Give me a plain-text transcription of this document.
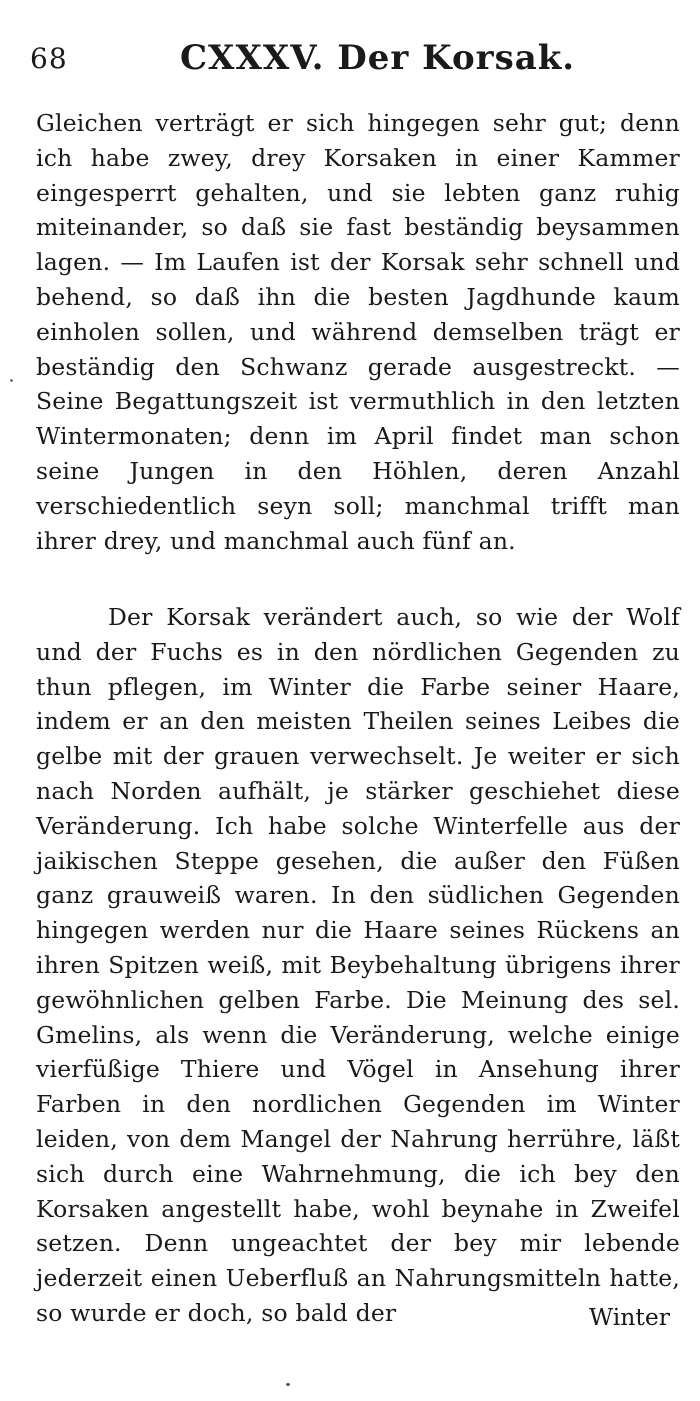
68	CXXXV. Der Korsak.

Gleichen verträgt er sich hingegen sehr gut; denn ich habe zwey, drey Korsaken in einer Kammer eingesperrt gehalten, und sie lebten ganz ruhig miteinander, so daß sie fast beständig beysammen lagen. — Im Laufen ist der Korsak sehr schnell und behend, so daß ihn die besten Jagdhunde kaum einholen sollen, und während demselben trägt er beständig den Schwanz gerade ausgestreckt. — Seine Begattungszeit ist vermuthlich in den letzten Wintermonaten; denn im April findet man schon seine Jungen in den Höhlen, deren Anzahl verschiedentlich seyn soll; manchmal trifft man ihrer drey, und manchmal auch fünf an.

Der Korsak verändert auch, so wie der Wolf und der Fuchs es in den nördlichen Gegenden zu thun pflegen, im Winter die Farbe seiner Haare, indem er an den meisten Theilen seines Leibes die gelbe mit der grauen verwechselt. Je weiter er sich nach Norden aufhält, je stärker geschiehet diese Veränderung. Ich habe solche Winterfelle aus der jaikischen Steppe gesehen, die außer den Füßen ganz grauweiß waren. In den südlichen Gegenden hingegen werden nur die Haare seines Rückens an ihren Spitzen weiß, mit Beybehaltung übrigens ihrer gewöhnlichen gelben Farbe. Die Meinung des sel. Gmelins, als wenn die Veränderung, welche einige vierfüßige Thiere und Vögel in Ansehung ihrer Farben in den nordlichen Gegenden im Winter leiden, von dem Mangel der Nahrung herrühre, läßt sich durch eine Wahrnehmung, die ich bey den Korsaken angestellt habe, wohl beynahe in Zweifel setzen. Denn ungeachtet der bey mir lebende jederzeit einen Ueberfluß an Nahrungsmitteln hatte, so wurde er doch, so bald der	Winter
